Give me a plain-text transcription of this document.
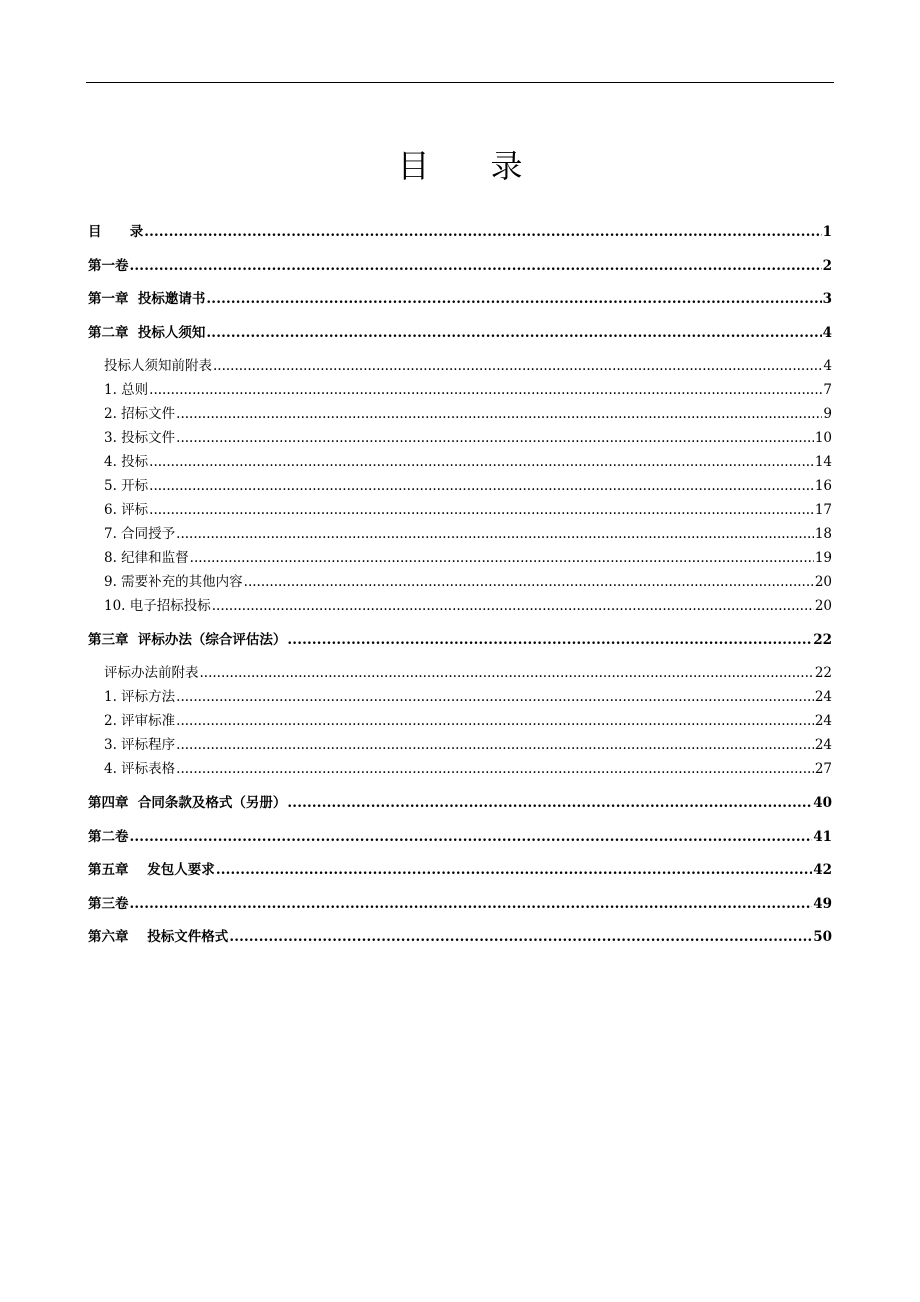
目      录
目      录 .....	1
第一卷 .....	2
第一章  投标邀请书 .....	3
第二章  投标人须知 .....	4
投标人须知前附表 .....	4
1. 总则 .....	7
2. 招标文件 .....	9
3. 投标文件 .....	10
4. 投标 .....	14
5. 开标 .....	16
6. 评标 .....	17
7. 合同授予 .....	18
8. 纪律和监督 .....	19
9. 需要补充的其他内容 .....	20
10. 电子招标投标 .....	20
第三章  评标办法（综合评估法） .....	22
评标办法前附表 .....	22
1. 评标方法 .....	24
2. 评审标准 .....	24
3. 评标程序 .....	24
4. 评标表格 .....	27
第四章  合同条款及格式（另册） .....	40
第二卷 .....	41
第五章    发包人要求 .....	42
第三卷 .....	49
第六章    投标文件格式 .....	50
